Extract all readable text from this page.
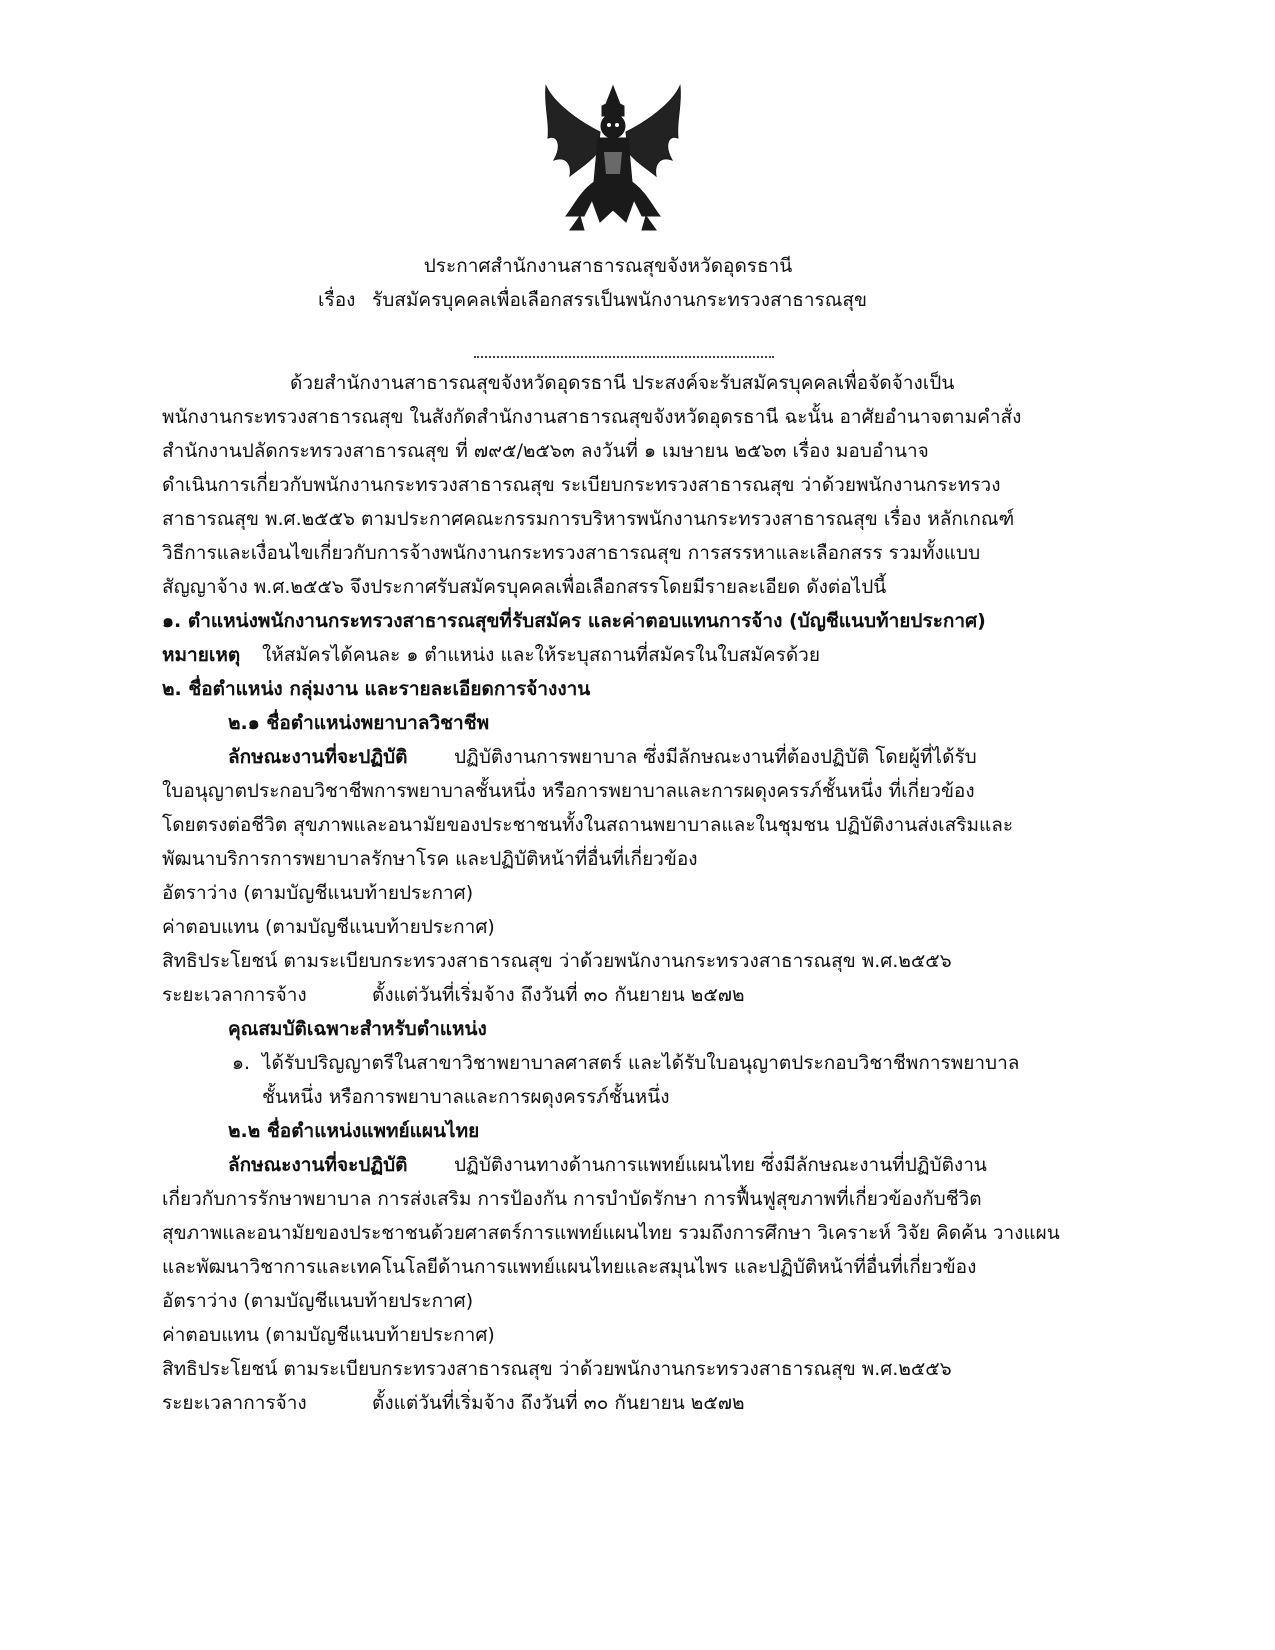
ประกาศสำนักงานสาธารณสุขจังหวัดอุดรธานี
เรื่อง รับสมัครบุคคลเพื่อเลือกสรรเป็นพนักงานกระทรวงสาธารณสุข
ด้วยสำนักงานสาธารณสุขจังหวัดอุดรธานี ประสงค์จะรับสมัครบุคคลเพื่อจัดจ้างเป็น
พนักงานกระทรวงสาธารณสุข ในสังกัดสำนักงานสาธารณสุขจังหวัดอุดรธานี ฉะนั้น อาศัยอำนาจตามคำสั่ง
สำนักงานปลัดกระทรวงสาธารณสุข ที่ ๗๙๕/๒๕๖๓ ลงวันที่ ๑ เมษายน ๒๕๖๓ เรื่อง มอบอำนาจ
ดำเนินการเกี่ยวกับพนักงานกระทรวงสาธารณสุข ระเบียบกระทรวงสาธารณสุข ว่าด้วยพนักงานกระทรวง
สาธารณสุข พ.ศ.๒๕๕๖ ตามประกาศคณะกรรมการบริหารพนักงานกระทรวงสาธารณสุข เรื่อง หลักเกณฑ์
วิธีการและเงื่อนไขเกี่ยวกับการจ้างพนักงานกระทรวงสาธารณสุข การสรรหาและเลือกสรร รวมทั้งแบบ
สัญญาจ้าง พ.ศ.๒๕๕๖ จึงประกาศรับสมัครบุคคลเพื่อเลือกสรรโดยมีรายละเอียด ดังต่อไปนี้
๑. ตำแหน่งพนักงานกระทรวงสาธารณสุขที่รับสมัคร และค่าตอบแทนการจ้าง (บัญชีแนบท้ายประกาศ)
หมายเหตุ ให้สมัครได้คนละ ๑ ตำแหน่ง และให้ระบุสถานที่สมัครในใบสมัครด้วย
๒. ชื่อตำแหน่ง กลุ่มงาน และรายละเอียดการจ้างงาน
๒.๑ ชื่อตำแหน่งพยาบาลวิชาชีพ
ลักษณะงานที่จะปฏิบัติ ปฏิบัติงานการพยาบาล ซึ่งมีลักษณะงานที่ต้องปฏิบัติ โดยผู้ที่ได้รับ
ใบอนุญาตประกอบวิชาชีพการพยาบาลชั้นหนึ่ง หรือการพยาบาลและการผดุงครรภ์ชั้นหนึ่ง ที่เกี่ยวข้อง
โดยตรงต่อชีวิต สุขภาพและอนามัยของประชาชนทั้งในสถานพยาบาลและในชุมชน ปฏิบัติงานส่งเสริมและ
พัฒนาบริการการพยาบาลรักษาโรค และปฏิบัติหน้าที่อื่นที่เกี่ยวข้อง
อัตราว่าง (ตามบัญชีแนบท้ายประกาศ)
ค่าตอบแทน (ตามบัญชีแนบท้ายประกาศ)
สิทธิประโยชน์ ตามระเบียบกระทรวงสาธารณสุข ว่าด้วยพนักงานกระทรวงสาธารณสุข พ.ศ.๒๕๕๖
ระยะเวลาการจ้าง	ตั้งแต่วันที่เริ่มจ้าง ถึงวันที่ ๓๐ กันยายน ๒๕๗๒
คุณสมบัติเฉพาะสำหรับตำแหน่ง
๑. ได้รับปริญญาตรีในสาขาวิชาพยาบาลศาสตร์ และได้รับใบอนุญาตประกอบวิชาชีพการพยาบาล
ชั้นหนึ่ง หรือการพยาบาลและการผดุงครรภ์ชั้นหนึ่ง
๒.๒ ชื่อตำแหน่งแพทย์แผนไทย
ลักษณะงานที่จะปฏิบัติ ปฏิบัติงานทางด้านการแพทย์แผนไทย ซึ่งมีลักษณะงานที่ปฏิบัติงาน
เกี่ยวกับการรักษาพยาบาล การส่งเสริม การป้องกัน การบำบัดรักษา การฟื้นฟูสุขภาพที่เกี่ยวข้องกับชีวิต
สุขภาพและอนามัยของประชาชนด้วยศาสตร์การแพทย์แผนไทย รวมถึงการศึกษา วิเคราะห์ วิจัย คิดค้น วางแผน
และพัฒนาวิชาการและเทคโนโลยีด้านการแพทย์แผนไทยและสมุนไพร และปฏิบัติหน้าที่อื่นที่เกี่ยวข้อง
อัตราว่าง (ตามบัญชีแนบท้ายประกาศ)
ค่าตอบแทน (ตามบัญชีแนบท้ายประกาศ)
สิทธิประโยชน์ ตามระเบียบกระทรวงสาธารณสุข ว่าด้วยพนักงานกระทรวงสาธารณสุข พ.ศ.๒๕๕๖
ระยะเวลาการจ้าง	ตั้งแต่วันที่เริ่มจ้าง ถึงวันที่ ๓๐ กันยายน ๒๕๗๒
